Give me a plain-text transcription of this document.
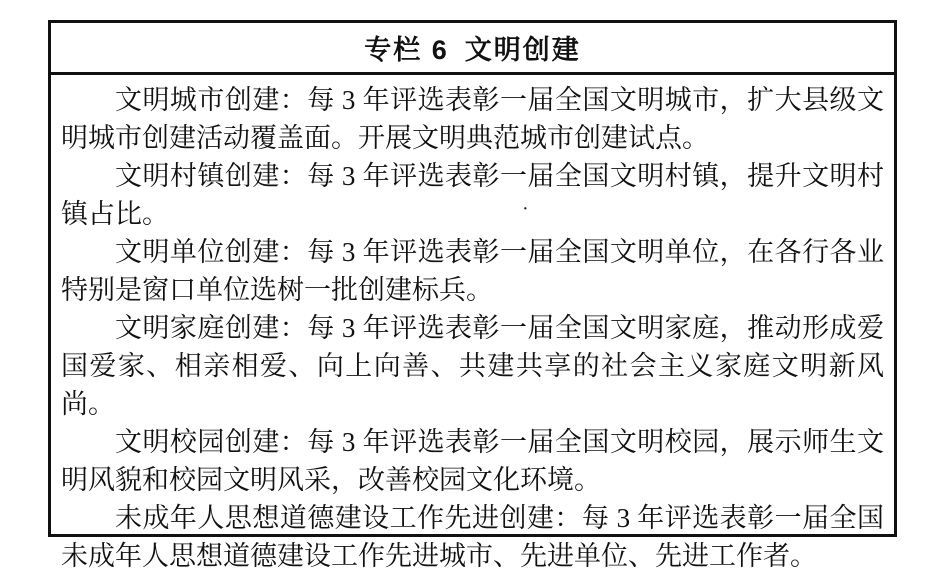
专栏 6 文明创建

文明城市创建：每 3 年评选表彰一届全国文明城市，扩大县级文明城市创建活动覆盖面。开展文明典范城市创建试点。

文明村镇创建：每 3 年评选表彰一届全国文明村镇，提升文明村镇占比。

文明单位创建：每 3 年评选表彰一届全国文明单位，在各行各业特别是窗口单位选树一批创建标兵。

文明家庭创建：每 3 年评选表彰一届全国文明家庭，推动形成爱国爱家、相亲相爱、向上向善、共建共享的社会主义家庭文明新风尚。

文明校园创建：每 3 年评选表彰一届全国文明校园，展示师生文明风貌和校园文明风采，改善校园文化环境。

未成年人思想道德建设工作先进创建：每 3 年评选表彰一届全国未成年人思想道德建设工作先进城市、先进单位、先进工作者。

·
